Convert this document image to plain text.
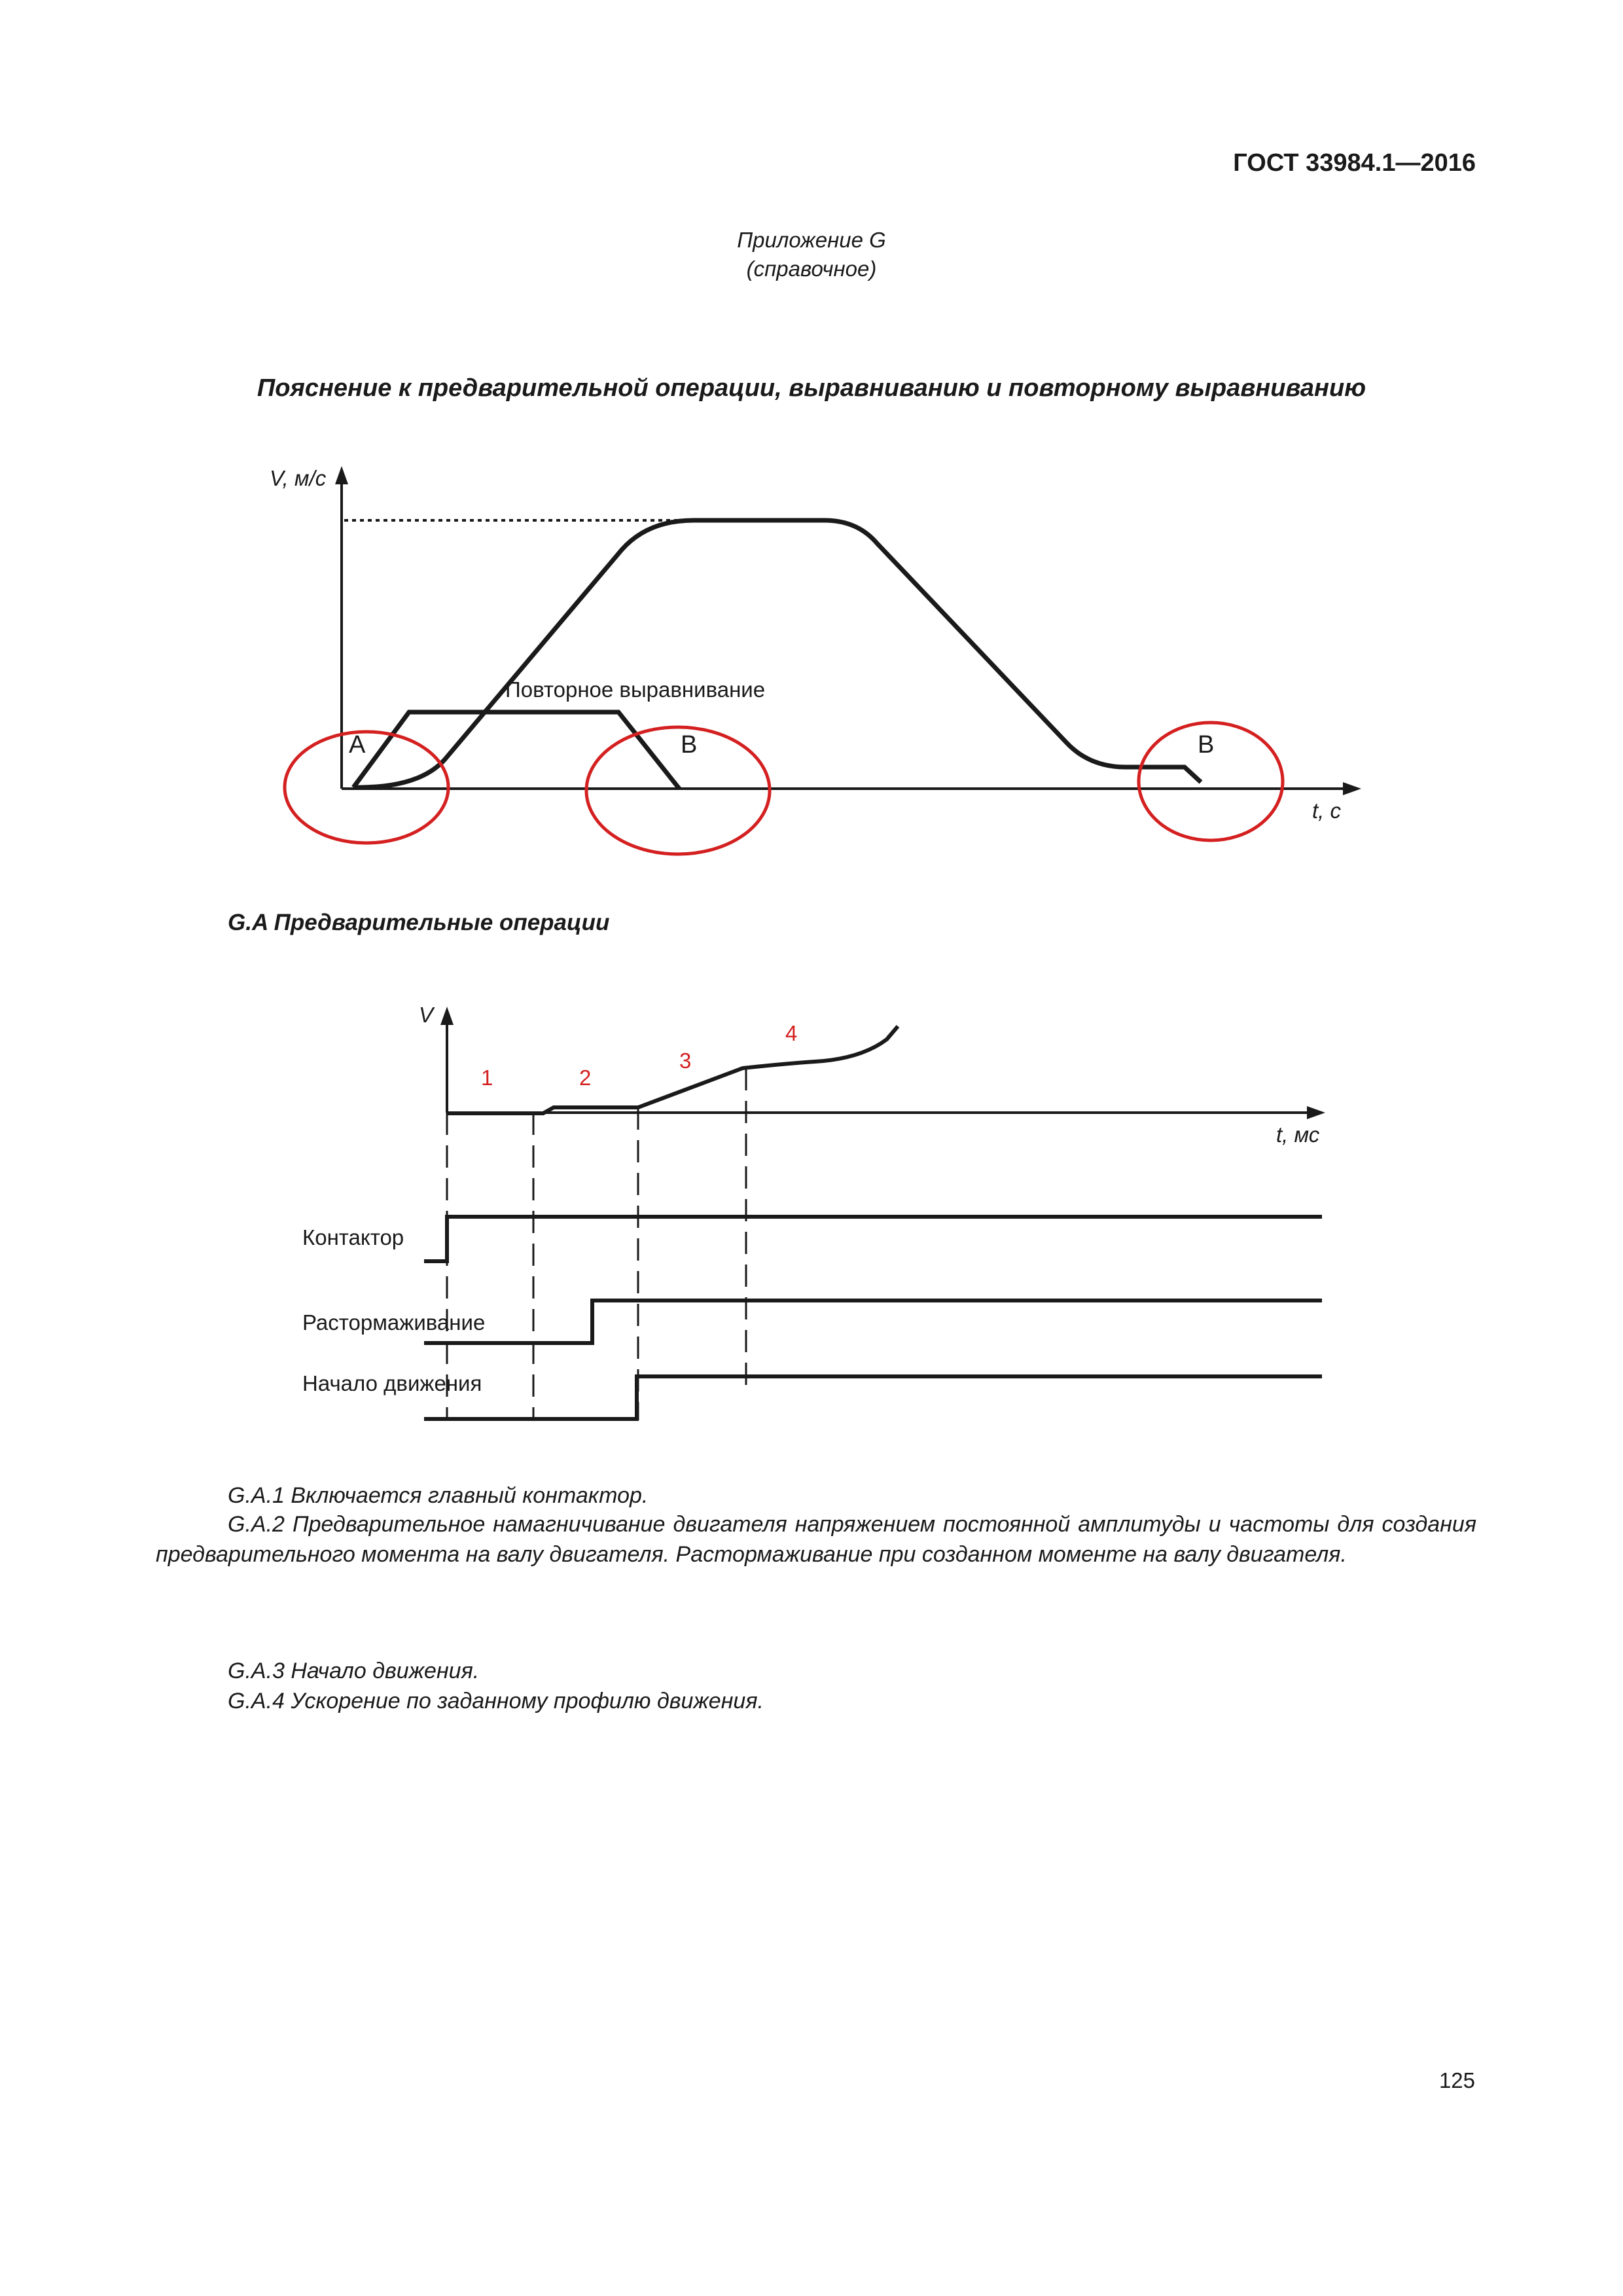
ГОСТ 33984.1—2016
Приложение G
(справочное)
Пояснение к предварительной операции, выравниванию и повторному выравниванию
V, м/с
t, с
Повторное выравнивание
A	B	B
G.A Предварительные операции
V
t, мс
1	2
3
4
Контактор
Растормаживание
Начало движения
G.A.1 Включается главный контактор.
G.A.2 Предварительное намагничивание двигателя напряжением постоянной амплитуды и частоты для создания предварительного момента на валу двигателя. Растормаживание при созданном моменте на валу двигателя.
G.A.3 Начало движения.
G.A.4 Ускорение по заданному профилю движения.
125
